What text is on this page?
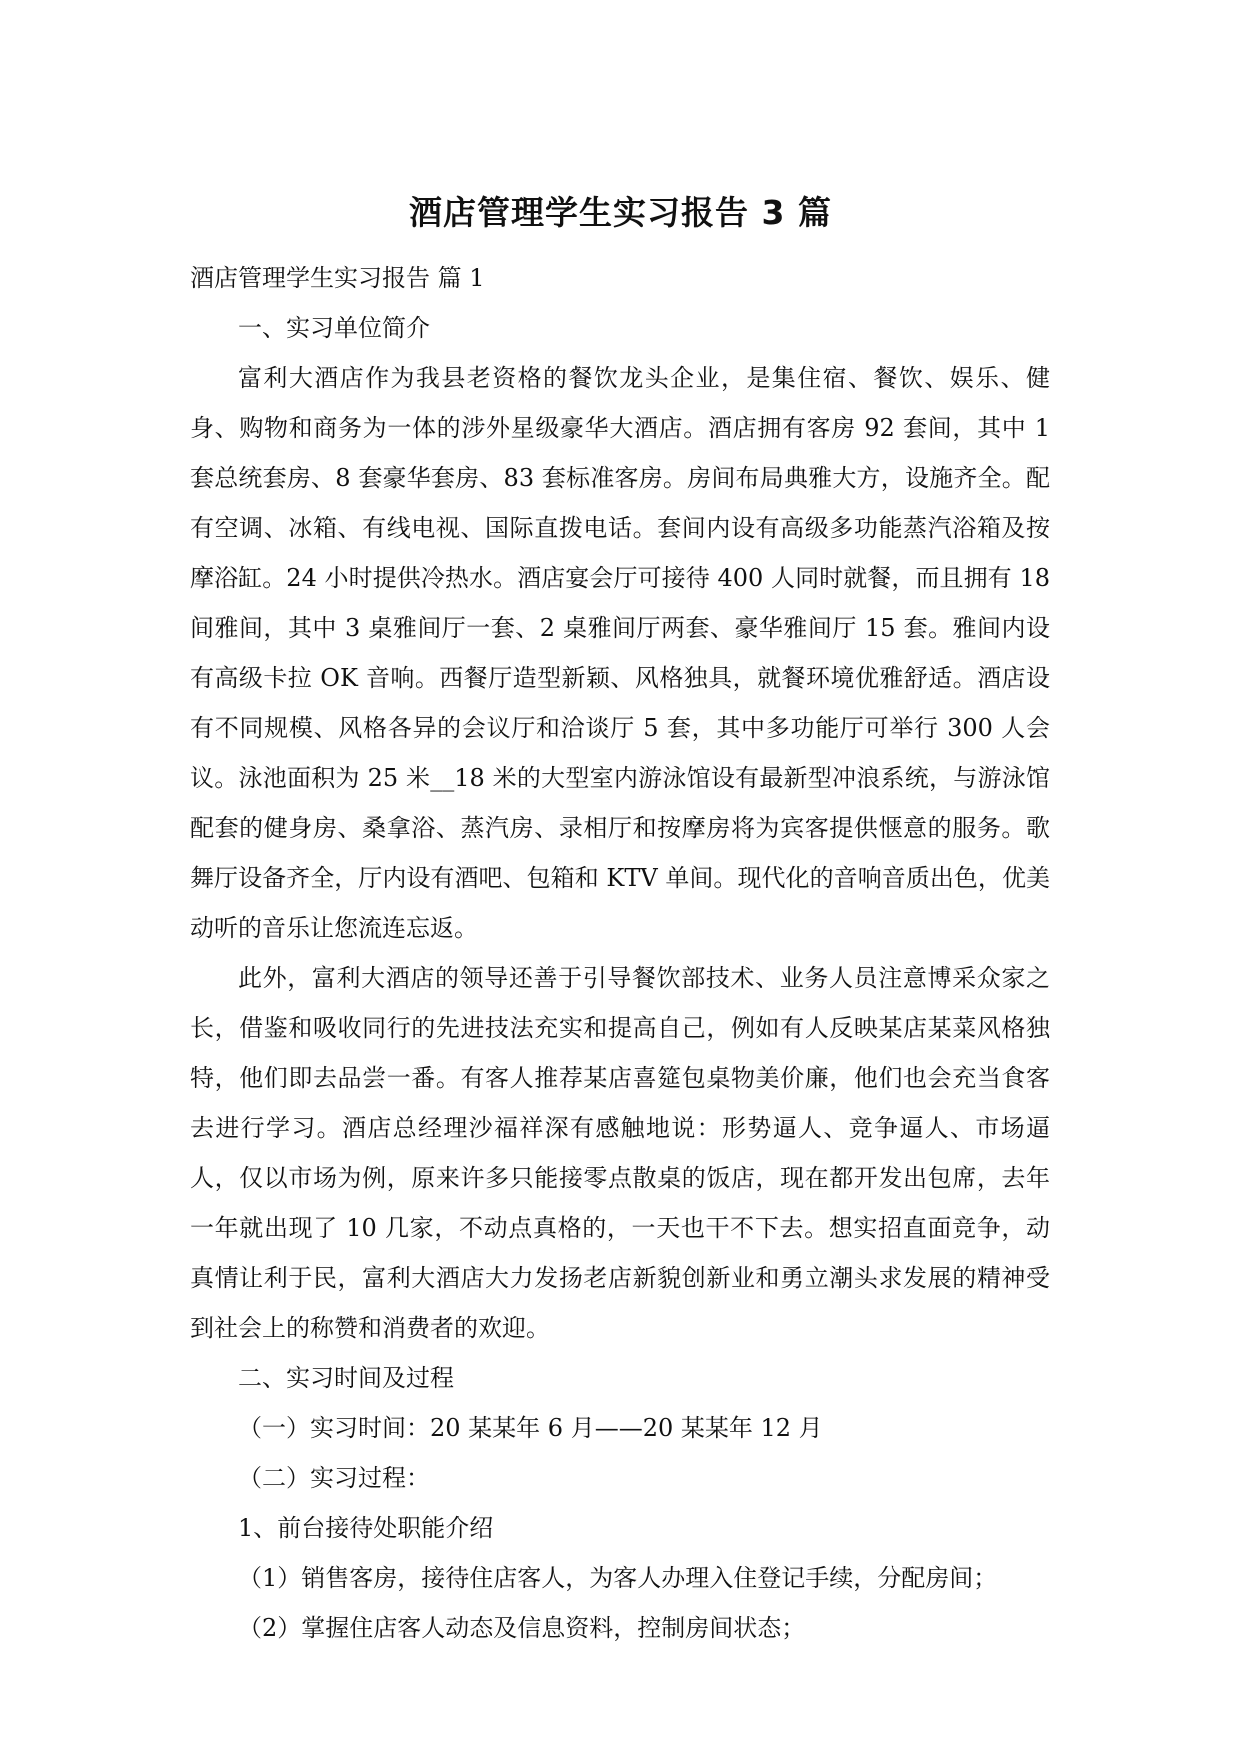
酒店管理学生实习报告 3 篇

酒店管理学生实习报告 篇 1

一、实习单位简介

富利大酒店作为我县老资格的餐饮龙头企业，是集住宿、餐饮、娱乐、健身、购物和商务为一体的涉外星级豪华大酒店。酒店拥有客房 92 套间，其中 1 套总统套房、8 套豪华套房、83 套标准客房。房间布局典雅大方，设施齐全。配有空调、冰箱、有线电视、国际直拨电话。套间内设有高级多功能蒸汽浴箱及按摩浴缸。24 小时提供冷热水。酒店宴会厅可接待 400 人同时就餐，而且拥有 18 间雅间，其中 3 桌雅间厅一套、2 桌雅间厅两套、豪华雅间厅 15 套。雅间内设有高级卡拉 OK 音响。西餐厅造型新颖、风格独具，就餐环境优雅舒适。酒店设有不同规模、风格各异的会议厅和洽谈厅 5 套，其中多功能厅可举行 300 人会议。泳池面积为 25 米__18 米的大型室内游泳馆设有最新型冲浪系统，与游泳馆配套的健身房、桑拿浴、蒸汽房、录相厅和按摩房将为宾客提供惬意的服务。歌舞厅设备齐全，厅内设有酒吧、包箱和 KTV 单间。现代化的音响音质出色，优美动听的音乐让您流连忘返。

此外，富利大酒店的领导还善于引导餐饮部技术、业务人员注意博采众家之长，借鉴和吸收同行的先进技法充实和提高自己，例如有人反映某店某菜风格独特，他们即去品尝一番。有客人推荐某店喜筵包桌物美价廉，他们也会充当食客去进行学习。酒店总经理沙福祥深有感触地说：形势逼人、竞争逼人、市场逼人，仅以市场为例，原来许多只能接零点散桌的饭店，现在都开发出包席，去年一年就出现了 10 几家，不动点真格的，一天也干不下去。想实招直面竞争，动真情让利于民，富利大酒店大力发扬老店新貌创新业和勇立潮头求发展的精神受到社会上的称赞和消费者的欢迎。

二、实习时间及过程

（一）实习时间：20 某某年 6 月——20 某某年 12 月

（二）实习过程：

1、前台接待处职能介绍

（1）销售客房，接待住店客人，为客人办理入住登记手续，分配房间；

（2）掌握住店客人动态及信息资料，控制房间状态；
